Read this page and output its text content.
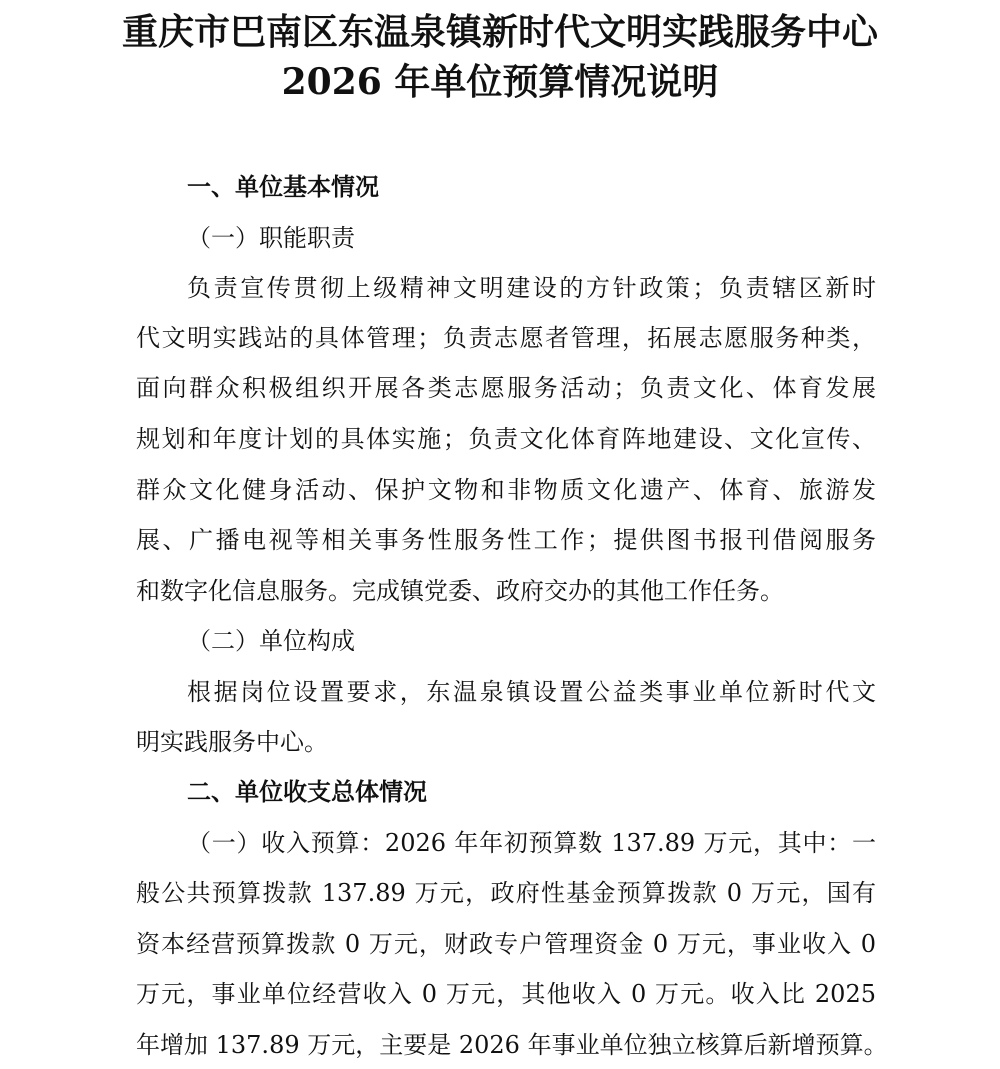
重庆市巴南区东温泉镇新时代文明实践服务中心
2026 年单位预算情况说明
一、单位基本情况
（一）职能职责
负责宣传贯彻上级精神文明建设的方针政策；负责辖区新时
代文明实践站的具体管理；负责志愿者管理，拓展志愿服务种类，
面向群众积极组织开展各类志愿服务活动；负责文化、体育发展
规划和年度计划的具体实施；负责文化体育阵地建设、文化宣传、
群众文化健身活动、保护文物和非物质文化遗产、体育、旅游发
展、广播电视等相关事务性服务性工作；提供图书报刊借阅服务
和数字化信息服务。完成镇党委、政府交办的其他工作任务。
（二）单位构成
根据岗位设置要求，东温泉镇设置公益类事业单位新时代文
明实践服务中心。
二、单位收支总体情况
（一）收入预算：2026 年年初预算数 137.89 万元，其中：一
般公共预算拨款 137.89 万元，政府性基金预算拨款 0 万元，国有
资本经营预算拨款 0 万元，财政专户管理资金 0 万元，事业收入 0
万元，事业单位经营收入 0 万元，其他收入 0 万元。收入比 2025
年增加 137.89 万元，主要是 2026 年事业单位独立核算后新增预算。
